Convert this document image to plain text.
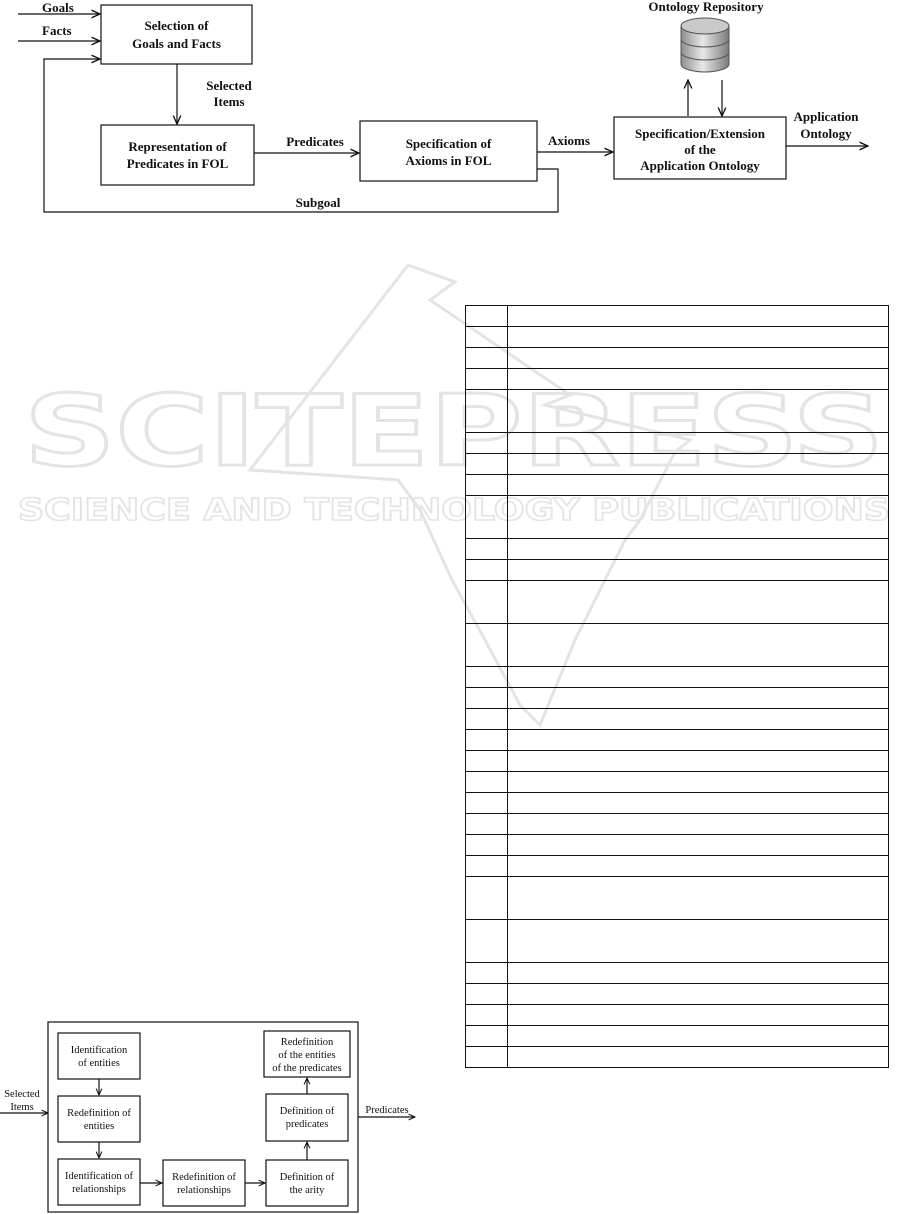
SCITEPRESS
SCIENCE AND TECHNOLOGY PUBLICATIONS
Goals
Facts	Selection of
Goals and Facts
Selected
Items
Representation of
Predicates in FOL
Predicates	Specification of
Axioms in FOL
Axioms
Subgoal
Specification/Extension
of the
Application Ontology
Application
Ontology
Ontology Repository
Selected
Items	Predicates
Identification
of entities
Redefinition of
entities
Identification of
relationships
Redefinition of
relationships
Definition of
the arity
Definition of
predicates
Redefinition
of the entities
of the predicates
